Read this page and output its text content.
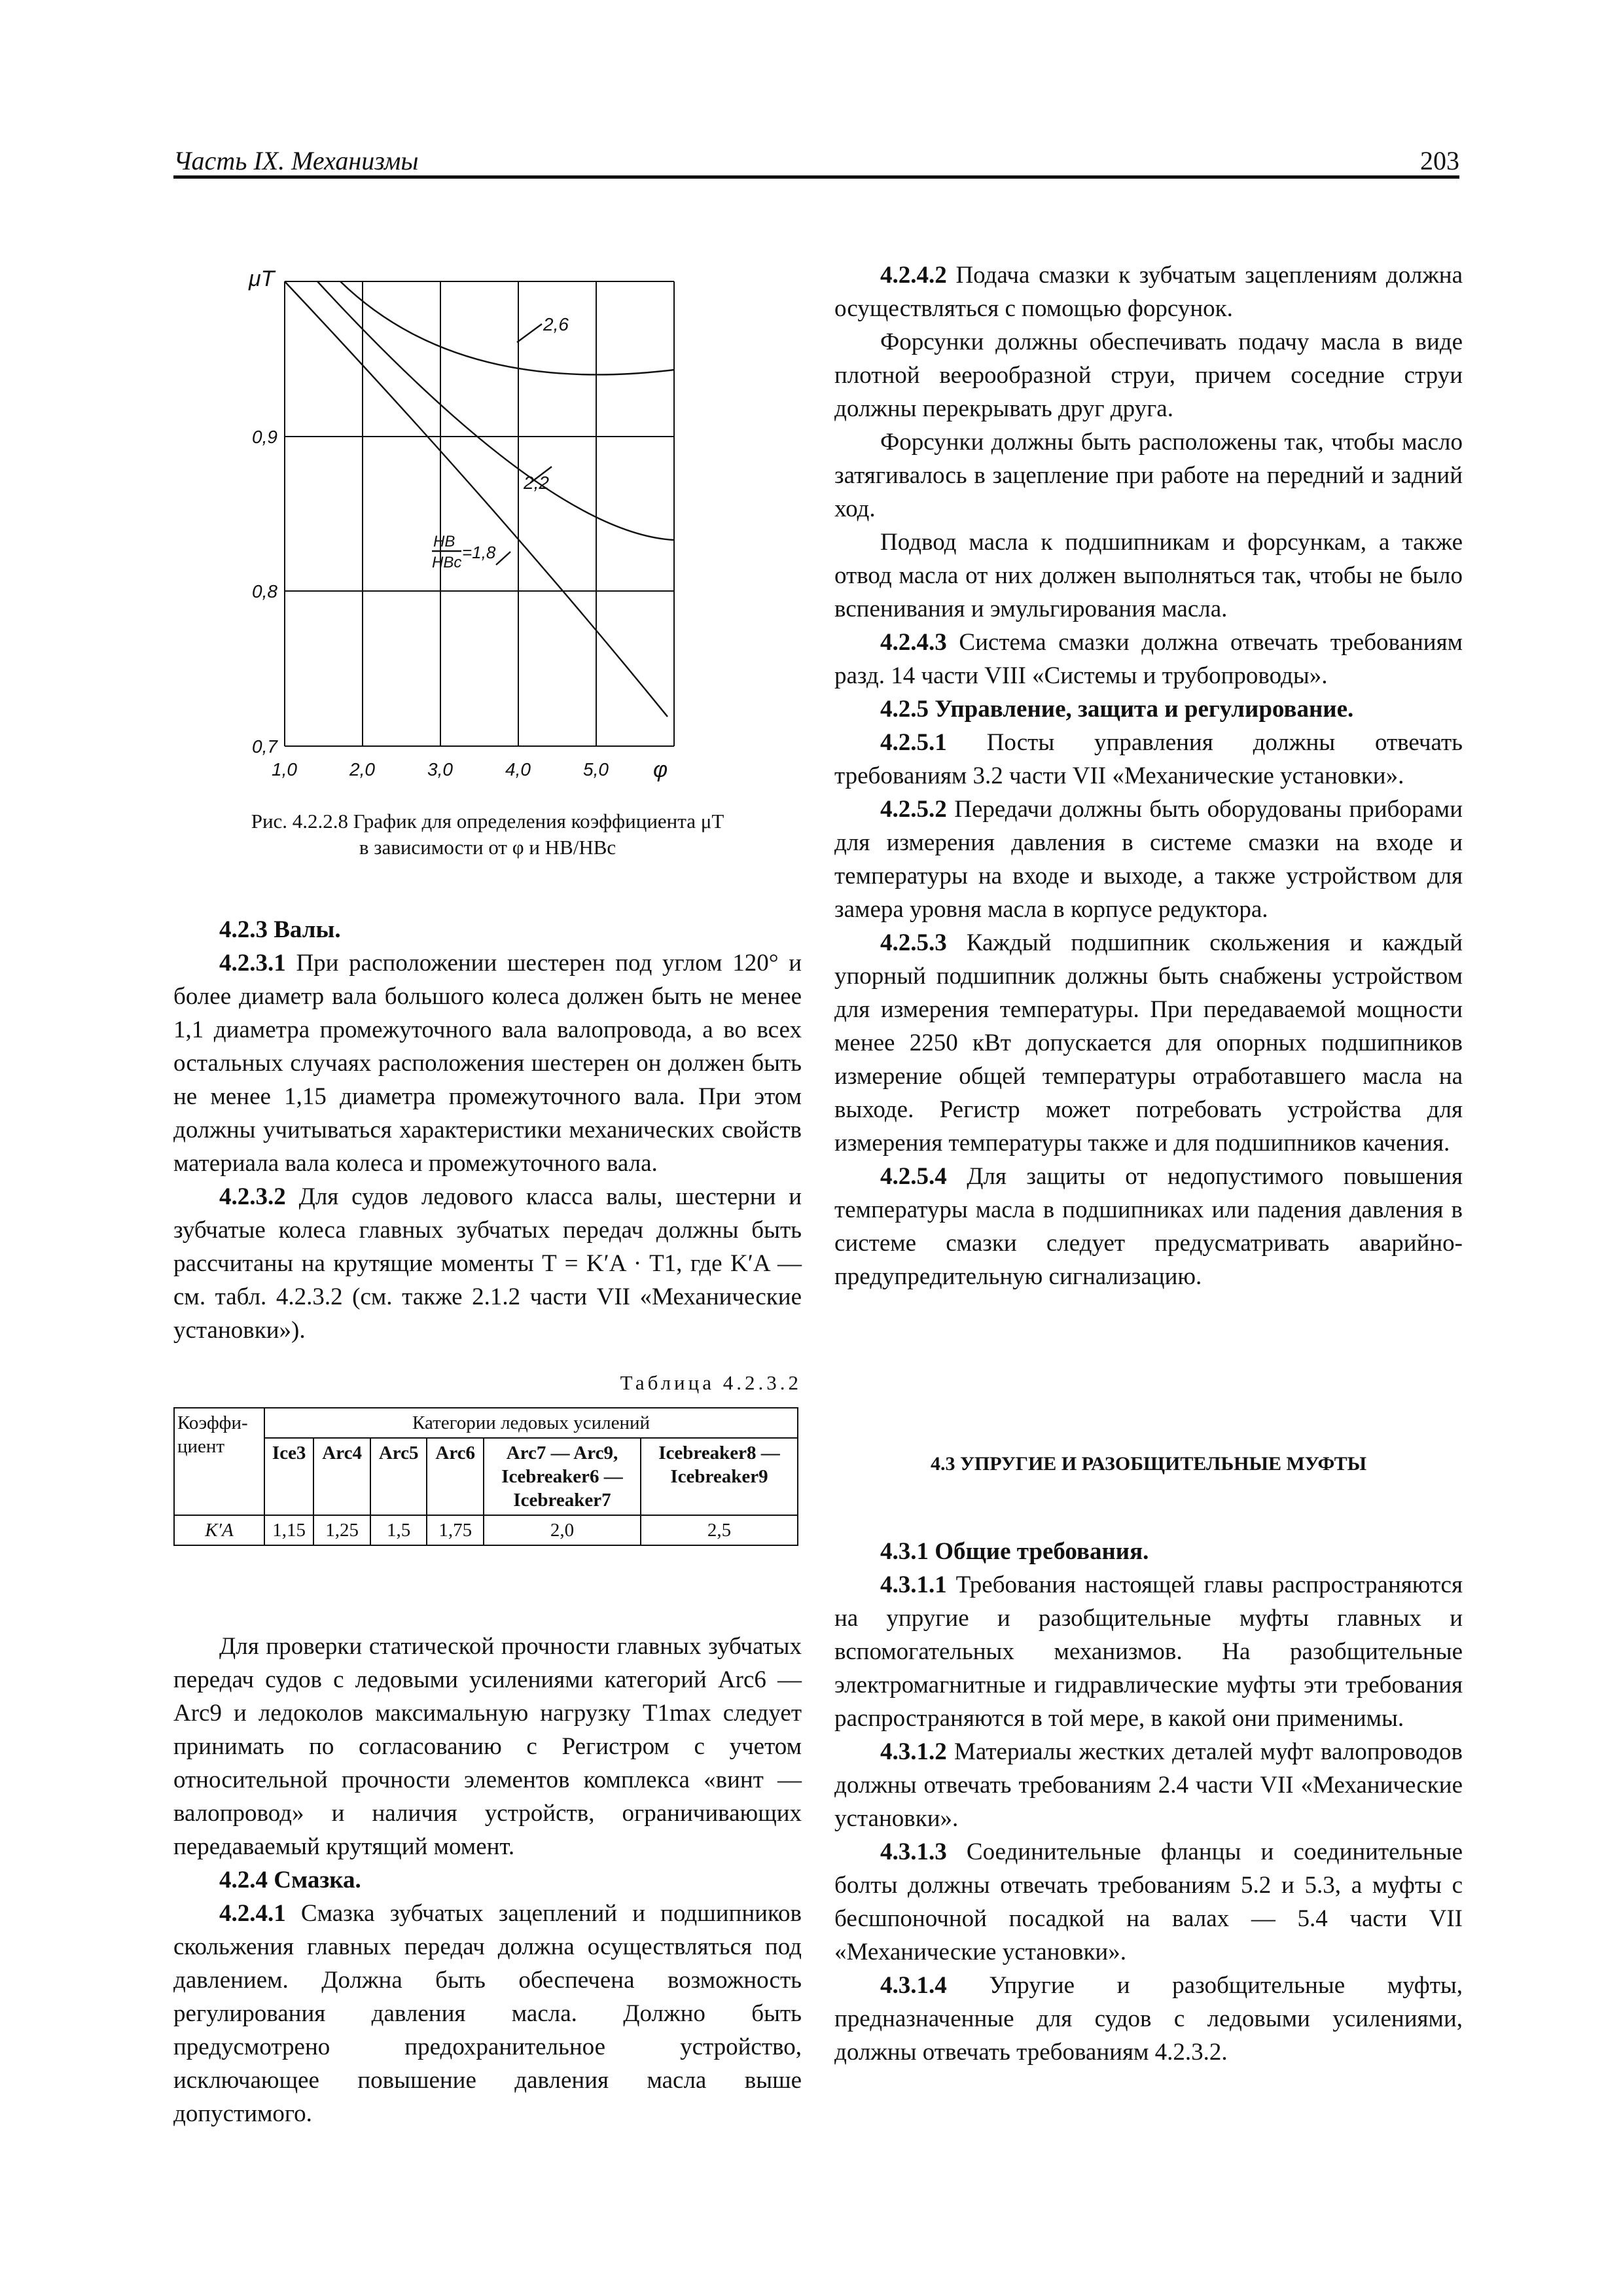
Часть IX. Механизмы	203
μT
0,9
0,8
0,7
1,0	2,0	3,0	4,0	5,0 φ
2,6
2,2
HB
HBc
=1,8
Рис. 4.2.2.8 График для определения коэффициента μT
в зависимости от φ и HB/HBc

4.2.3 Валы.

4.2.3.1 При расположении шестерен под углом 120° и более диаметр вала большого колеса должен быть не менее 1,1 диаметра промежуточного вала валопровода, а во всех остальных случаях расположения шестерен он должен быть не менее 1,15 диаметра промежуточного вала. При этом должны учитываться характеристики механических свойств материала вала колеса и промежуточного вала.

4.2.3.2 Для судов ледового класса валы, шестерни и зубчатые колеса главных зубчатых передач должны быть рассчитаны на крутящие моменты T = K′A · T1, где K′A — см. табл. 4.2.3.2 (см. также 2.1.2 части VII «Механические установки»).

Таблица 4.2.3.2
Коэффи-циент	Категории ледовых усилений					
	Ice3	Arc4	Arc5	Arc6	Arc7 — Arc9, Icebreaker6 — Icebreaker7	Icebreaker8 — Icebreaker9
K′A	1,15	1,25	1,5	1,75	2,0	2,5

Для проверки статической прочности главных зубчатых передач судов с ледовыми усилениями категорий Arc6 — Arc9 и ледоколов максимальную нагрузку T1max следует принимать по согласованию с Регистром с учетом относительной прочности элементов комплекса «винт — валопровод» и наличия устройств, ограничивающих передаваемый крутящий момент.

4.2.4 Смазка.

4.2.4.1 Смазка зубчатых зацеплений и подшипников скольжения главных передач должна осуществляться под давлением. Должна быть обеспечена возможность регулирования давления масла. Должно быть предусмотрено предохранительное устройство, исключающее повышение давления масла выше допустимого.

4.2.4.2 Подача смазки к зубчатым зацеплениям должна осуществляться с помощью форсунок.

Форсунки должны обеспечивать подачу масла в виде плотной веерообразной струи, причем соседние струи должны перекрывать друг друга.

Форсунки должны быть расположены так, чтобы масло затягивалось в зацепление при работе на передний и задний ход.

Подвод масла к подшипникам и форсункам, а также отвод масла от них должен выполняться так, чтобы не было вспенивания и эмульгирования масла.

4.2.4.3 Система смазки должна отвечать требованиям разд. 14 части VIII «Системы и трубопроводы».

4.2.5 Управление, защита и регулирование.

4.2.5.1 Посты управления должны отвечать требованиям 3.2 части VII «Механические установки».

4.2.5.2 Передачи должны быть оборудованы приборами для измерения давления в системе смазки на входе и температуры на входе и выходе, а также устройством для замера уровня масла в корпусе редуктора.

4.2.5.3 Каждый подшипник скольжения и каждый упорный подшипник должны быть снабжены устройством для измерения температуры. При передаваемой мощности менее 2250 кВт допускается для опорных подшипников измерение общей температуры отработавшего масла на выходе. Регистр может потребовать устройства для измерения температуры также и для подшипников качения.

4.2.5.4 Для защиты от недопустимого повышения температуры масла в подшипниках или падения давления в системе смазки следует предусматривать аварийно-предупредительную сигнализацию.

4.3 УПРУГИЕ И РАЗОБЩИТЕЛЬНЫЕ МУФТЫ

4.3.1 Общие требования.

4.3.1.1 Требования настоящей главы распространяются на упругие и разобщительные муфты главных и вспомогательных механизмов. На разобщительные электромагнитные и гидравлические муфты эти требования распространяются в той мере, в какой они применимы.

4.3.1.2 Материалы жестких деталей муфт валопроводов должны отвечать требованиям 2.4 части VII «Механические установки».

4.3.1.3 Соединительные фланцы и соединительные болты должны отвечать требованиям 5.2 и 5.3, а муфты с бесшпоночной посадкой на валах — 5.4 части VII «Механические установки».

4.3.1.4 Упругие и разобщительные муфты, предназначенные для судов с ледовыми усилениями, должны отвечать требованиям 4.2.3.2.
